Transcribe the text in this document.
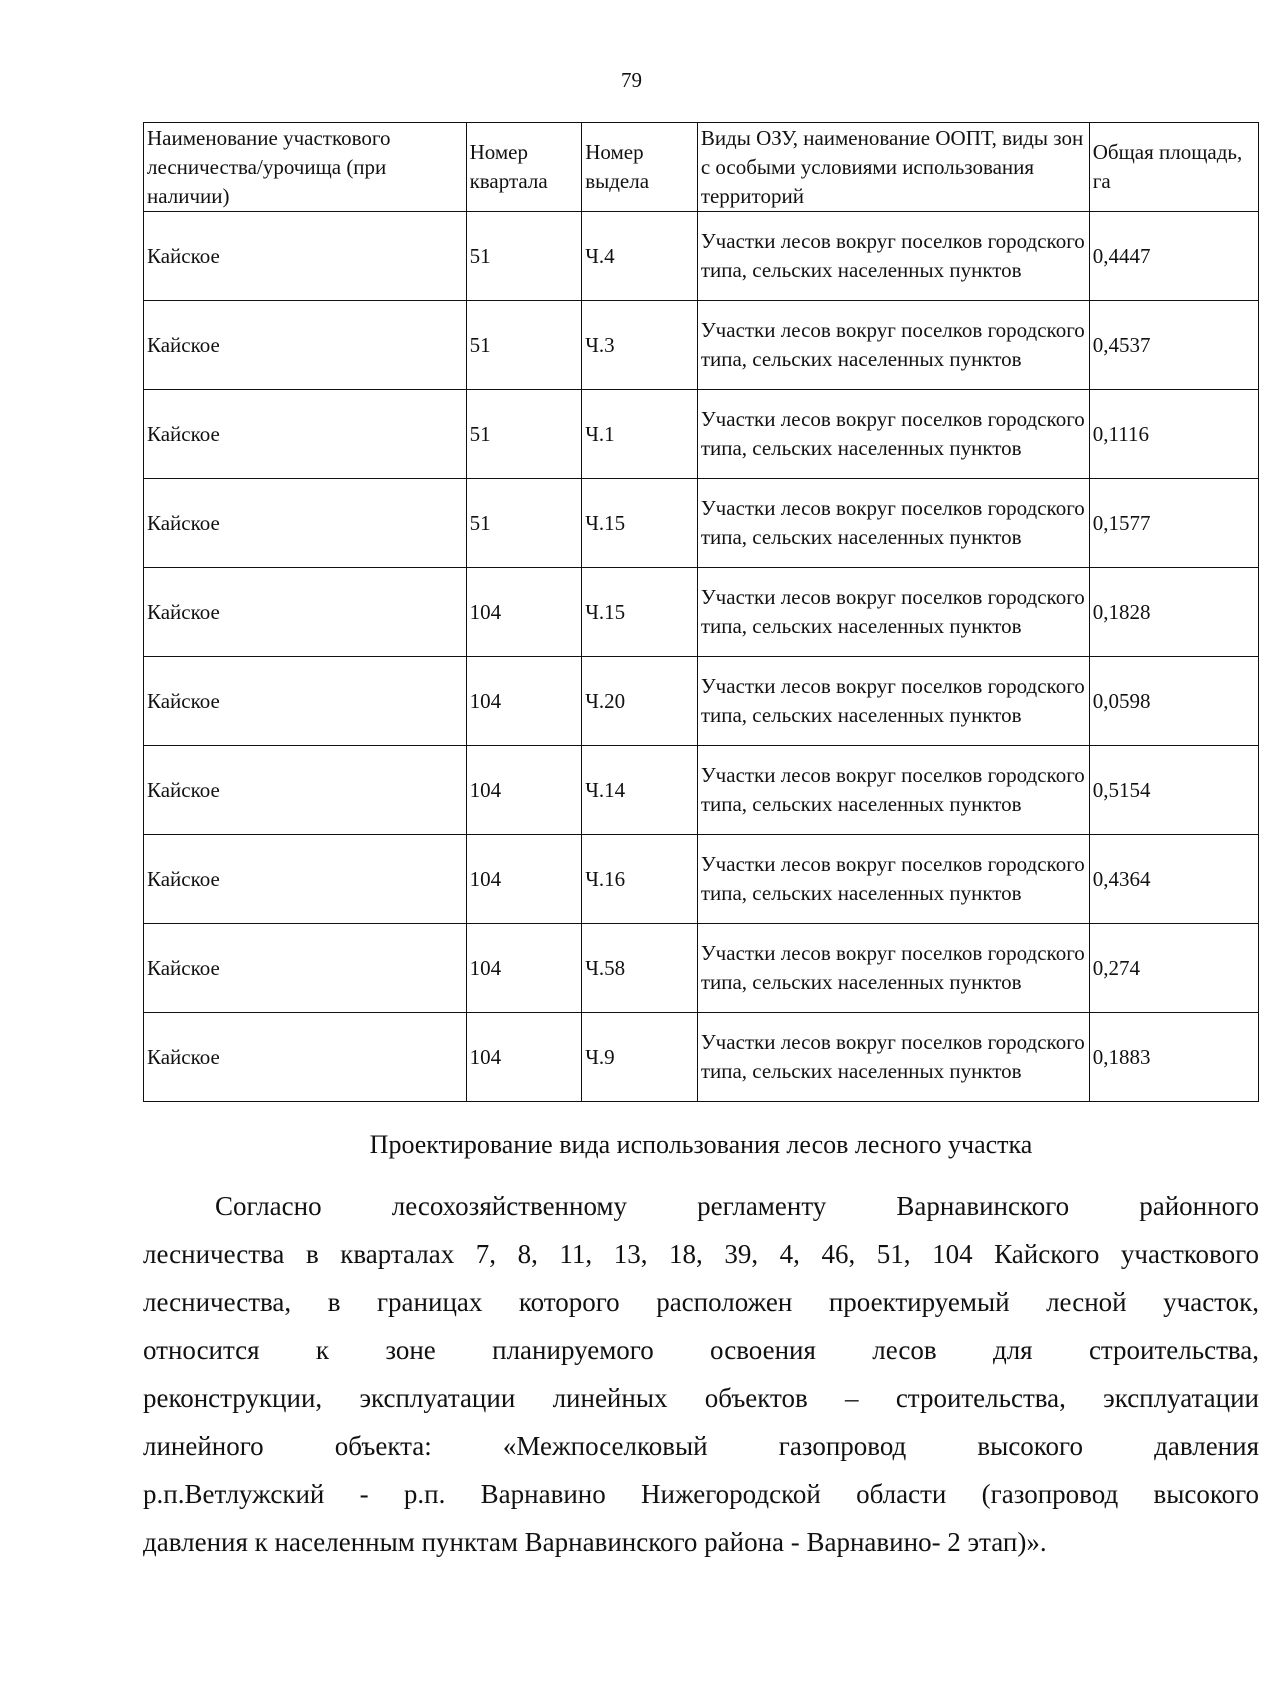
79
Наименование участкового лесничества/урочища (при наличии)	Номер квартала	Номер выдела	Виды ОЗУ, наименование ООПТ, виды зон с особыми условиями использования территорий	Общая площадь, га
Кайское	51	Ч.4	Участки лесов вокруг поселков городского типа, сельских населенных пунктов	0,4447
Кайское	51	Ч.3	Участки лесов вокруг поселков городского типа, сельских населенных пунктов	0,4537
Кайское	51	Ч.1	Участки лесов вокруг поселков городского типа, сельских населенных пунктов	0,1116
Кайское	51	Ч.15	Участки лесов вокруг поселков городского типа, сельских населенных пунктов	0,1577
Кайское	104	Ч.15	Участки лесов вокруг поселков городского типа, сельских населенных пунктов	0,1828
Кайское	104	Ч.20	Участки лесов вокруг поселков городского типа, сельских населенных пунктов	0,0598
Кайское	104	Ч.14	Участки лесов вокруг поселков городского типа, сельских населенных пунктов	0,5154
Кайское	104	Ч.16	Участки лесов вокруг поселков городского типа, сельских населенных пунктов	0,4364
Кайское	104	Ч.58	Участки лесов вокруг поселков городского типа, сельских населенных пунктов	0,274
Кайское	104	Ч.9	Участки лесов вокруг поселков городского типа, сельских населенных пунктов	0,1883
Проектирование вида использования лесов лесного участка
Согласно лесохозяйственному регламенту Варнавинского районного
лесничества в кварталах 7, 8, 11, 13, 18, 39, 4, 46, 51, 104 Кайского участкового
лесничества, в границах которого расположен проектируемый лесной участок,
относится к зоне планируемого освоения лесов для строительства,
реконструкции, эксплуатации линейных объектов – строительства, эксплуатации
линейного объекта: «Межпоселковый газопровод высокого давления
р.п.Ветлужский - р.п. Варнавино Нижегородской области (газопровод высокого
давления к населенным пунктам Варнавинского района - Варнавино- 2 этап)».
